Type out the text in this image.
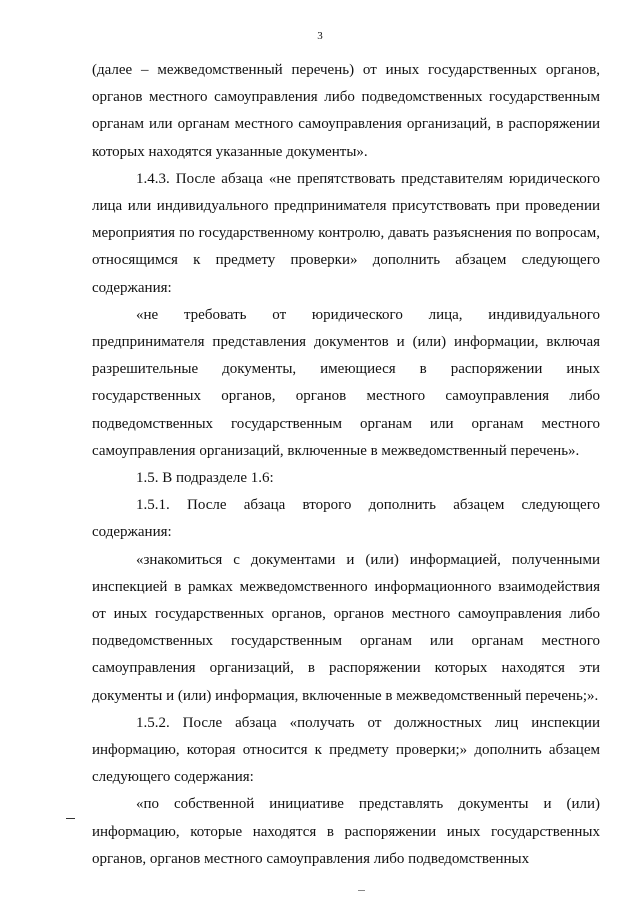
3

(далее – межведомственный перечень) от иных государственных органов, органов местного самоуправления либо подведомственных государственным органам или органам местного самоуправления организаций, в распоряжении которых находятся указанные документы».

1.4.3. После абзаца «не препятствовать представителям юридического лица или индивидуального предпринимателя присутствовать при проведении мероприятия по государственному контролю, давать разъяснения по вопросам, относящимся к предмету проверки» дополнить абзацем следующего содержания:

«не требовать от юридического лица, индивидуального предпринимателя представления документов и (или) информации, включая разрешительные документы, имеющиеся в распоряжении иных государственных органов, органов местного самоуправления либо подведомственных государственным органам или органам местного самоуправления организаций, включенные в межведомственный перечень».

1.5. В подразделе 1.6:

1.5.1. После абзаца второго дополнить абзацем следующего содержания:

«знакомиться с документами и (или) информацией, полученными инспекцией в рамках межведомственного информационного взаимодействия от иных государственных органов, органов местного самоуправления либо подведомственных государственным органам или органам местного самоуправления организаций, в распоряжении которых находятся эти документы и (или) информация, включенные в межведомственный перечень;».

1.5.2. После абзаца «получать от должностных лиц инспекции информацию, которая относится к предмету проверки;» дополнить абзацем следующего содержания:

«по собственной инициативе представлять документы и (или) информацию, которые находятся в распоряжении иных государственных органов, органов местного самоуправления либо подведомственных
